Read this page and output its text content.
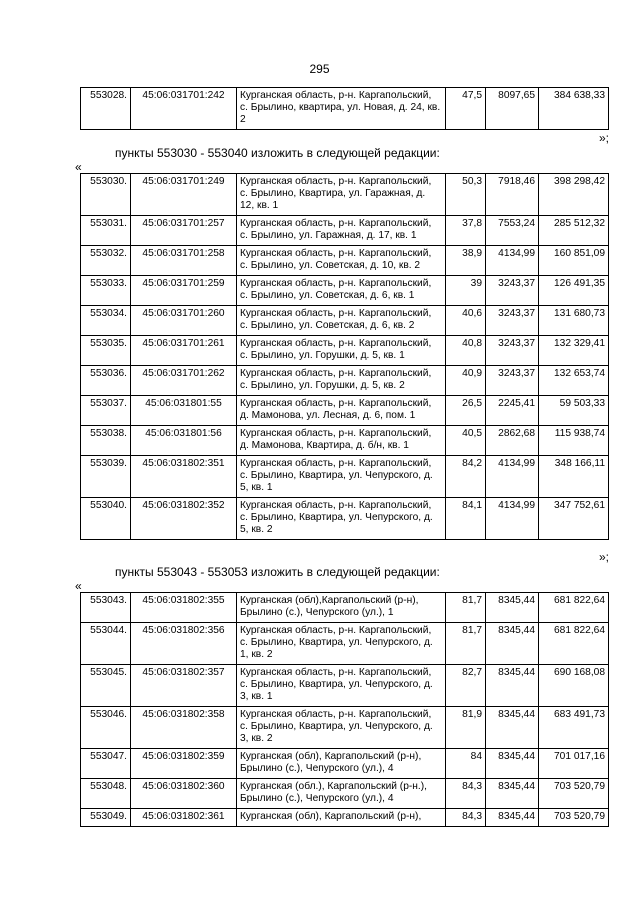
295
553028.	45:06:031701:242	Курганская область, р-н. Каргапольский, с. Брылино, квартира, ул. Новая, д. 24, кв. 2	47,5	8097,65	384 638,33
»;
пункты 553030 - 553040 изложить в следующей редакции:
«
553030.	45:06:031701:249	Курганская область, р-н. Каргапольский, с. Брылино, Квартира, ул. Гаражная, д. 12, кв. 1	50,3	7918,46	398 298,42
553031.	45:06:031701:257	Курганская область, р-н. Каргапольский, с. Брылино, ул. Гаражная, д. 17, кв. 1	37,8	7553,24	285 512,32
553032.	45:06:031701:258	Курганская область, р-н. Каргапольский, с. Брылино, ул. Советская, д. 10, кв. 2	38,9	4134,99	160 851,09
553033.	45:06:031701:259	Курганская область, р-н. Каргапольский, с. Брылино, ул. Советская, д. 6, кв. 1	39	3243,37	126 491,35
553034.	45:06:031701:260	Курганская область, р-н. Каргапольский, с. Брылино, ул. Советская, д. 6, кв. 2	40,6	3243,37	131 680,73
553035.	45:06:031701:261	Курганская область, р-н. Каргапольский, с. Брылино, ул. Горушки, д. 5, кв. 1	40,8	3243,37	132 329,41
553036.	45:06:031701:262	Курганская область, р-н. Каргапольский, с. Брылино, ул. Горушки, д. 5, кв. 2	40,9	3243,37	132 653,74
553037.	45:06:031801:55	Курганская область, р-н. Каргапольский, д. Мамонова, ул. Лесная, д. 6, пом. 1	26,5	2245,41	59 503,33
553038.	45:06:031801:56	Курганская область, р-н. Каргапольский, д. Мамонова, Квартира, д. б/н, кв. 1	40,5	2862,68	115 938,74
553039.	45:06:031802:351	Курганская область, р-н. Каргапольский, с. Брылино, Квартира, ул. Чепурского, д. 5, кв. 1	84,2	4134,99	348 166,11
553040.	45:06:031802:352	Курганская область, р-н. Каргапольский, с. Брылино, Квартира, ул. Чепурского, д. 5, кв. 2	84,1	4134,99	347 752,61
»;
пункты 553043 - 553053 изложить в следующей редакции:
«
553043.	45:06:031802:355	Курганская (обл),Каргапольский (р-н), Брылино (с.), Чепурского (ул.), 1	81,7	8345,44	681 822,64
553044.	45:06:031802:356	Курганская область, р-н. Каргапольский, с. Брылино, Квартира, ул. Чепурского, д. 1, кв. 2	81,7	8345,44	681 822,64
553045.	45:06:031802:357	Курганская область, р-н. Каргапольский, с. Брылино, Квартира, ул. Чепурского, д. 3, кв. 1	82,7	8345,44	690 168,08
553046.	45:06:031802:358	Курганская область, р-н. Каргапольский, с. Брылино, Квартира, ул. Чепурского, д. 3, кв. 2	81,9	8345,44	683 491,73
553047.	45:06:031802:359	Курганская (обл), Каргапольский (р-н), Брылино (с.), Чепурского (ул.), 4	84	8345,44	701 017,16
553048.	45:06:031802:360	Курганская (обл.), Каргапольский (р-н.), Брылино (с.), Чепурского (ул.), 4	84,3	8345,44	703 520,79
553049.	45:06:031802:361	Курганская (обл), Каргапольский (р-н),	84,3	8345,44	703 520,79
